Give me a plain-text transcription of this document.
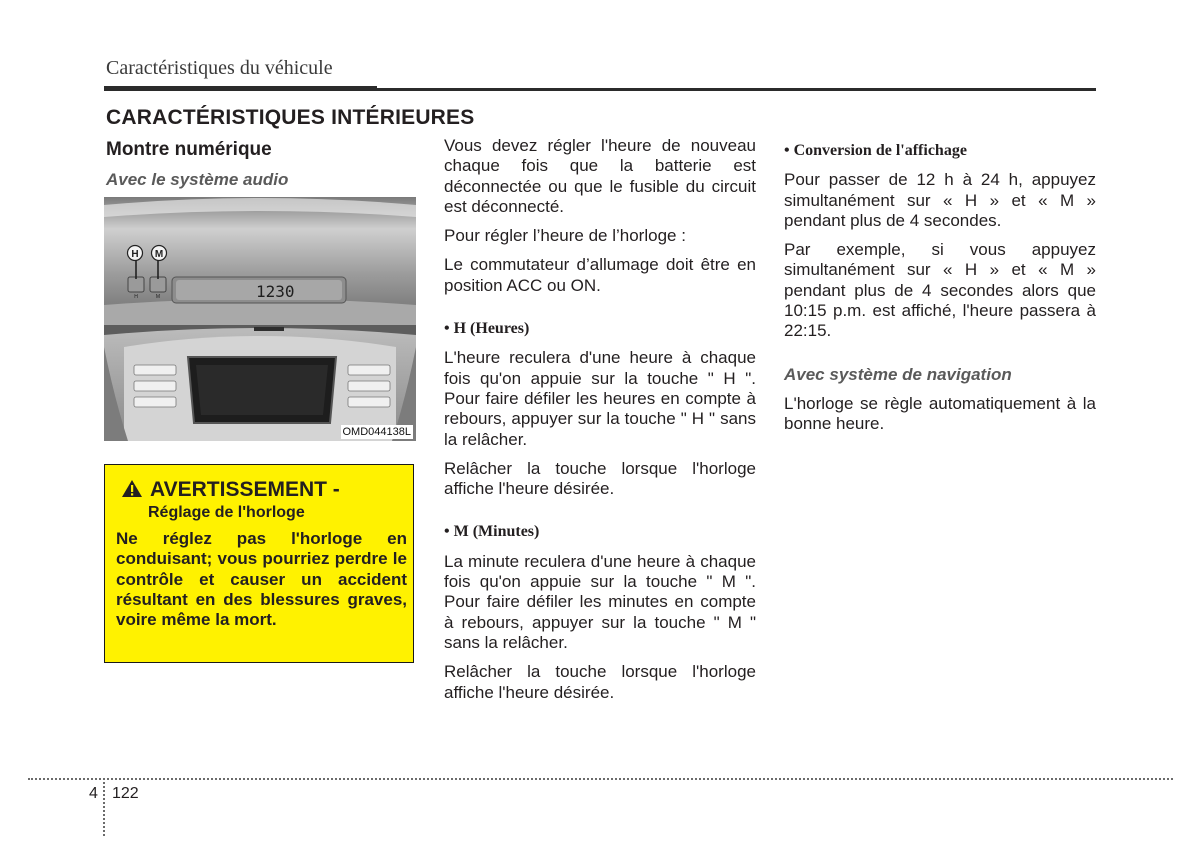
Caractéristiques du véhicule
CARACTÉRISTIQUES INTÉRIEURES
Montre numérique
Avec le système audio
1230
H M
H	M
OMD044138L
AVERTISSEMENT -
Réglage de l'horloge
Ne réglez pas l'horloge en conduisant; vous pourriez perdre le contrôle et causer un accident résultant en des blessures graves, voire même la mort.

Vous devez régler l'heure de nouveau chaque fois que la batterie est déconnectée ou que le fusible du circuit est déconnecté.

Pour régler l’heure de l’horloge :

Le commutateur d’allumage doit être en position ACC ou ON.

• H (Heures)

L'heure reculera d'une heure à chaque fois qu'on appuie sur la touche " H ". Pour faire défiler les heures en compte à rebours, appuyer sur la touche " H " sans la relâcher.

Relâcher la touche lorsque l'horloge affiche l'heure désirée.

• M (Minutes)

La minute reculera d'une heure à chaque fois qu'on appuie sur la touche " M ". Pour faire défiler les minutes en compte à rebours, appuyer sur la touche " M " sans la relâcher.

Relâcher la touche lorsque l'horloge affiche l'heure désirée.

• Conversion de l'affichage

Pour passer de 12 h à 24 h, appuyez simultanément sur « H » et « M » pendant plus de 4 secondes.

Par exemple, si vous appuyez simultanément sur « H » et « M » pendant plus de 4 secondes alors que 10:15 p.m. est affiché, l'heure passera à 22:15.

Avec système de navigation

L'horloge se règle automatiquement à la bonne heure.

4 122
